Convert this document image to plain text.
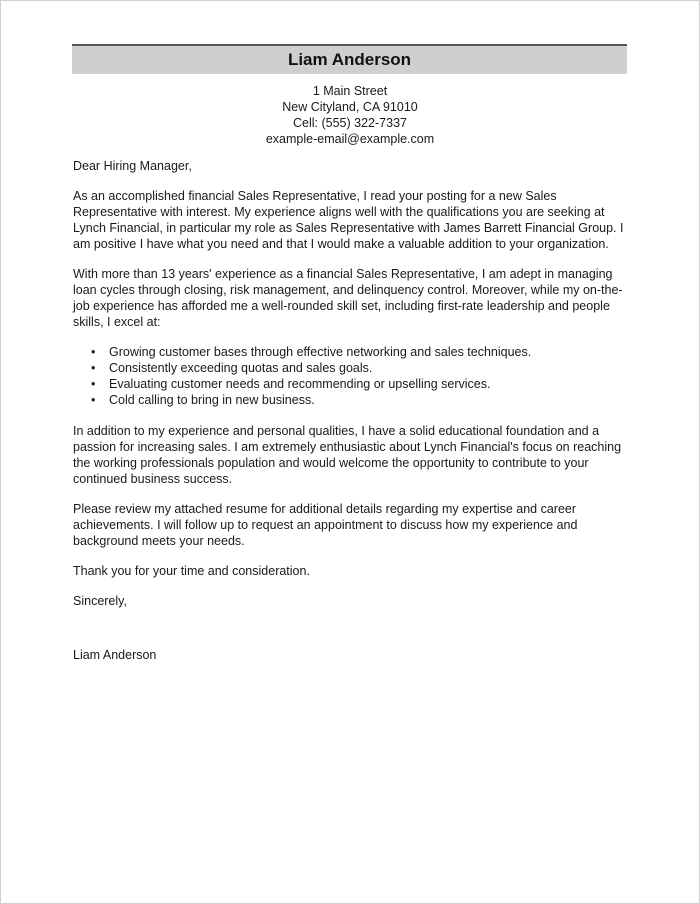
Liam Anderson
1 Main Street
New Cityland, CA 91010
Cell: (555) 322-7337
example-email@example.com

Dear Hiring Manager,

As an accomplished financial Sales Representative, I read your posting for a new Sales Representative with interest. My experience aligns well with the qualifications you are seeking at Lynch Financial, in particular my role as Sales Representative with James Barrett Financial Group. I am positive I have what you need and that I would make a valuable addition to your organization.

With more than 13 years' experience as a financial Sales Representative, I am adept in managing loan cycles through closing, risk management, and delinquency control. Moreover, while my on-the-job experience has afforded me a well-rounded skill set, including first-rate leadership and people skills, I excel at:

• Growing customer bases through effective networking and sales techniques.
• Consistently exceeding quotas and sales goals.
• Evaluating customer needs and recommending or upselling services.
• Cold calling to bring in new business.

In addition to my experience and personal qualities, I have a solid educational foundation and a passion for increasing sales. I am extremely enthusiastic about Lynch Financial's focus on reaching the working professionals population and would welcome the opportunity to contribute to your continued business success.

Please review my attached resume for additional details regarding my expertise and career achievements. I will follow up to request an appointment to discuss how my experience and background meets your needs.

Thank you for your time and consideration.

Sincerely,

Liam Anderson
